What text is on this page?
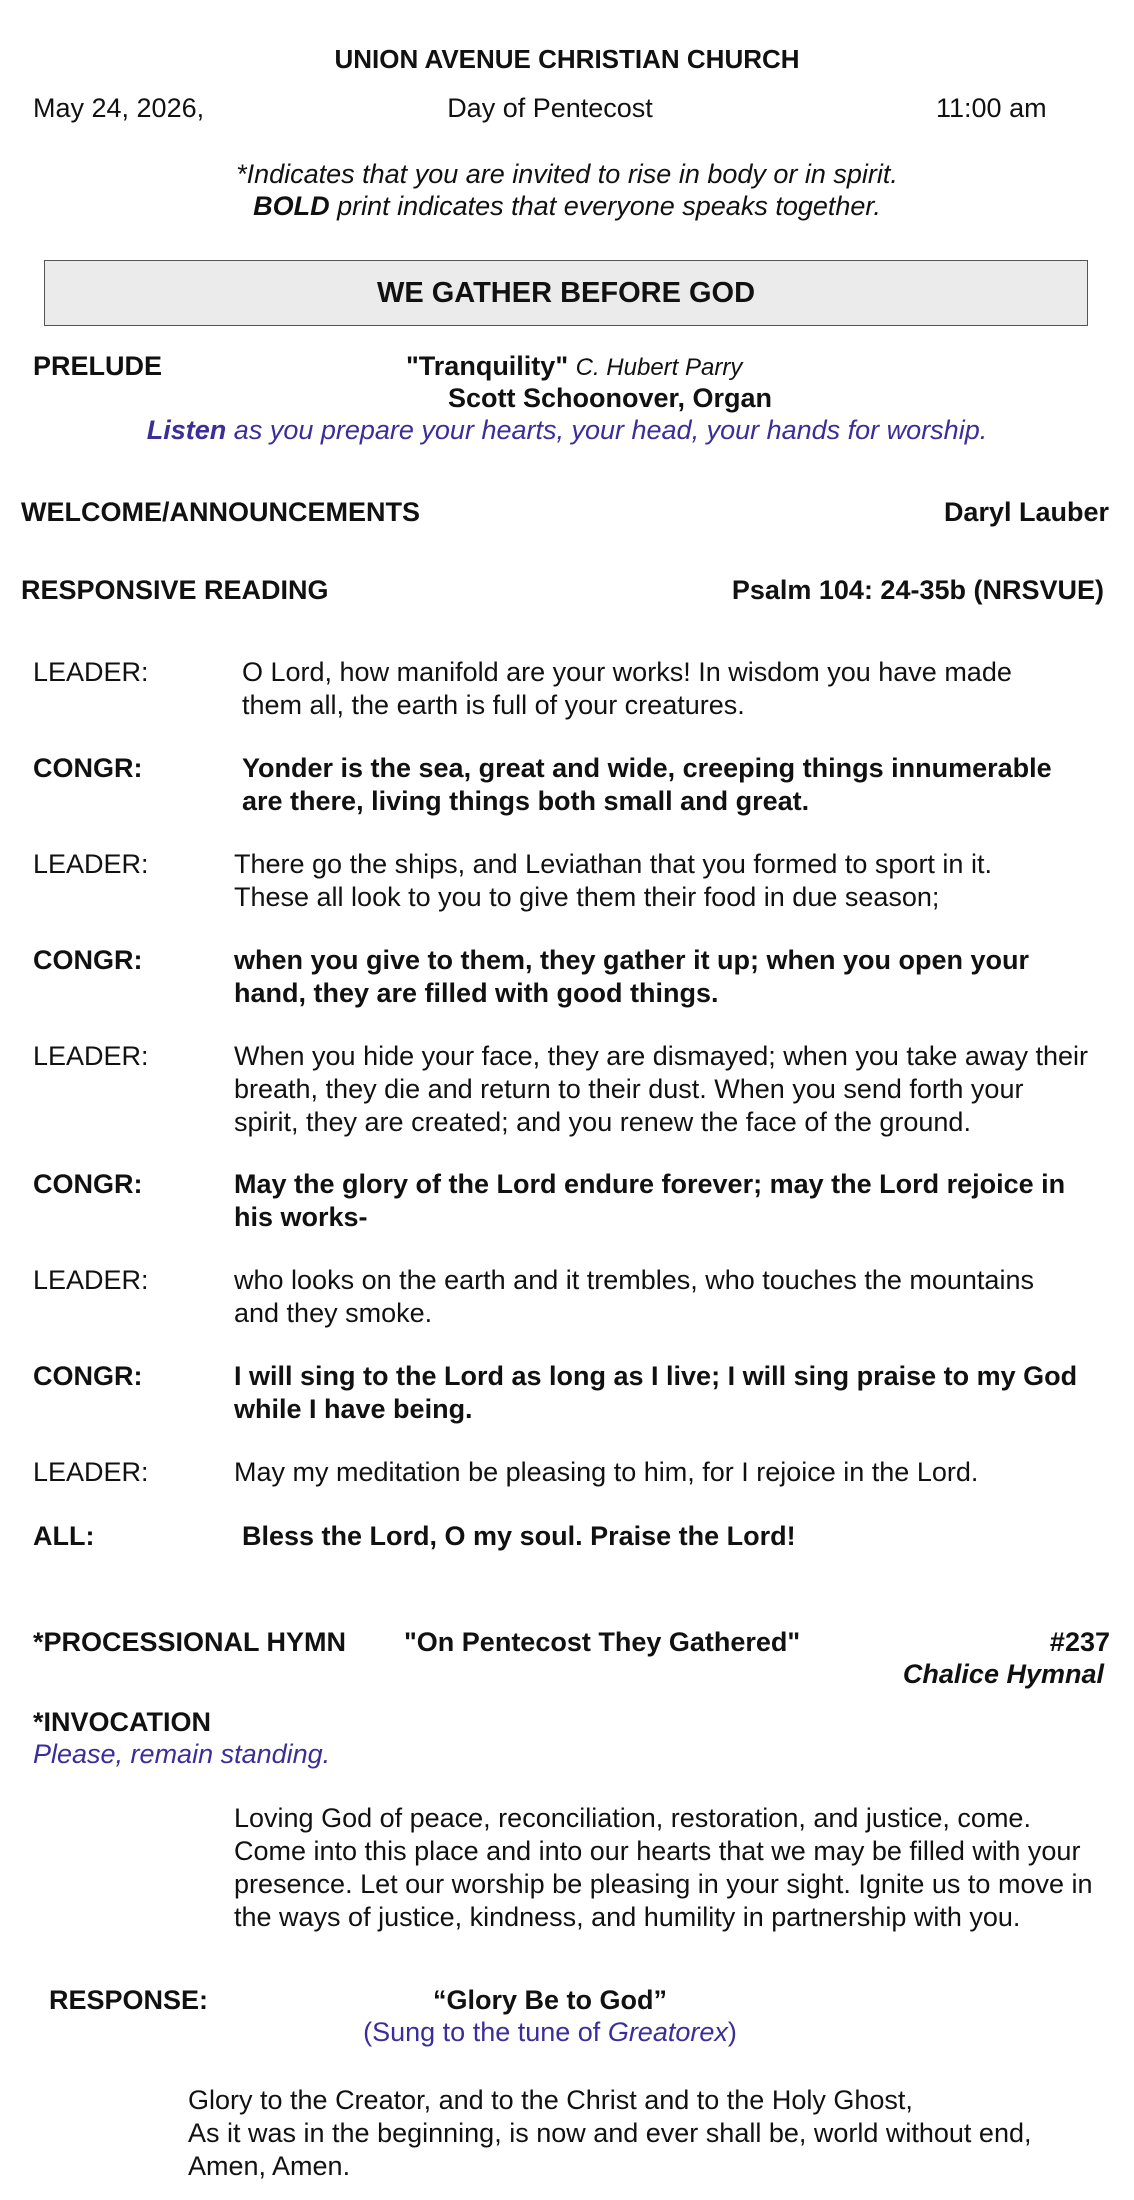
UNION AVENUE CHRISTIAN CHURCH
May 24, 2026,	Day of Pentecost	11:00 am
*Indicates that you are invited to rise in body or in spirit.
BOLD print indicates that everyone speaks together.
WE GATHER BEFORE GOD
PRELUDE	"Tranquility" C. Hubert Parry
Scott Schoonover, Organ
Listen as you prepare your hearts, your head, your hands for worship.
WELCOME/ANNOUNCEMENTS	Daryl Lauber
RESPONSIVE READING	Psalm 104: 24-35b (NRSVUE)
LEADER:	O Lord, how manifold are your works! In wisdom you have made
them all, the earth is full of your creatures.
CONGR:	Yonder is the sea, great and wide, creeping things innumerable
are there, living things both small and great.
LEADER:	There go the ships, and Leviathan that you formed to sport in it.
These all look to you to give them their food in due season;
CONGR:	when you give to them, they gather it up; when you open your
hand, they are filled with good things.
LEADER:	When you hide your face, they are dismayed; when you take away their
breath, they die and return to their dust. When you send forth your
spirit, they are created; and you renew the face of the ground.
CONGR:	May the glory of the Lord endure forever; may the Lord rejoice in
his works-
LEADER:	who looks on the earth and it trembles, who touches the mountains
and they smoke.
CONGR:	I will sing to the Lord as long as I live; I will sing praise to my God
while I have being.
LEADER:	May my meditation be pleasing to him, for I rejoice in the Lord.
ALL:	Bless the Lord, O my soul. Praise the Lord!
*PROCESSIONAL HYMN "On Pentecost They Gathered"	#237
Chalice Hymnal
*INVOCATION
Please, remain standing.
Loving God of peace, reconciliation, restoration, and justice, come.
Come into this place and into our hearts that we may be filled with your
presence. Let our worship be pleasing in your sight. Ignite us to move in
the ways of justice, kindness, and humility in partnership with you.
RESPONSE:	“Glory Be to God”
(Sung to the tune of Greatorex)
Glory to the Creator, and to the Christ and to the Holy Ghost,
As it was in the beginning, is now and ever shall be, world without end,
Amen, Amen.
